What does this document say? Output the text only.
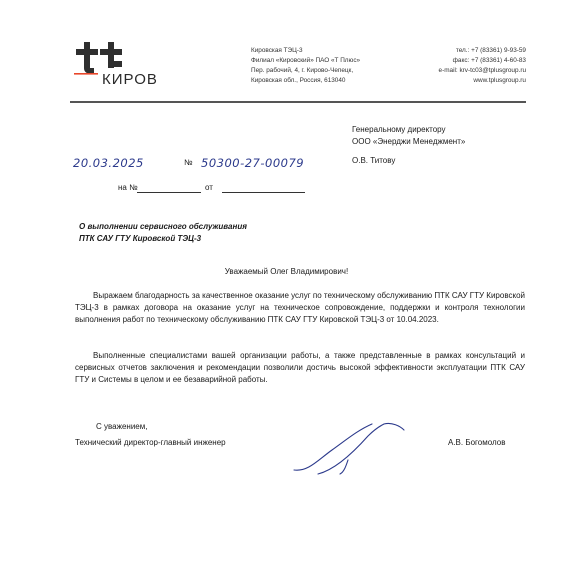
КИРОВ
Кировская ТЭЦ-3
Филиал «Кировский» ПАО «Т Плюс»
Пер. рабочий, 4, г. Кирово-Чепецк,
Кировская обл., Россия, 613040
тел.: +7 (83361) 9-93-59
факс: +7 (83361) 4-60-83
e-mail: krv-tc03@tplusgroup.ru
www.tplusgroup.ru
Генеральному директору
ООО «Энерджи Менеджмент»
О.В. Титову
20.03.2025	№ 50300-27-00079
на №	от
О выполнении сервисного обслуживания
ПТК САУ ГТУ Кировской ТЭЦ-3
Уважаемый Олег Владимирович!
Выражаем благодарность за качественное оказание услуг по техническому обслуживанию ПТК САУ ГТУ Кировской ТЭЦ-3 в рамках договора на оказание услуг на техническое сопровождение, поддержки и контроля технологии выполнения работ по техническому обслуживанию ПТК САУ ГТУ Кировской ТЭЦ-3 от 10.04.2023.
Выполненные специалистами вашей организации работы, а также представленные в рамках консультаций и сервисных отчетов заключения и рекомендации позволили достичь высокой эффективности эксплуатации ПТК САУ ГТУ и Системы в целом и ее безаварийной работы.
С уважением,
Технический директор-главный инженер	А.В. Богомолов
